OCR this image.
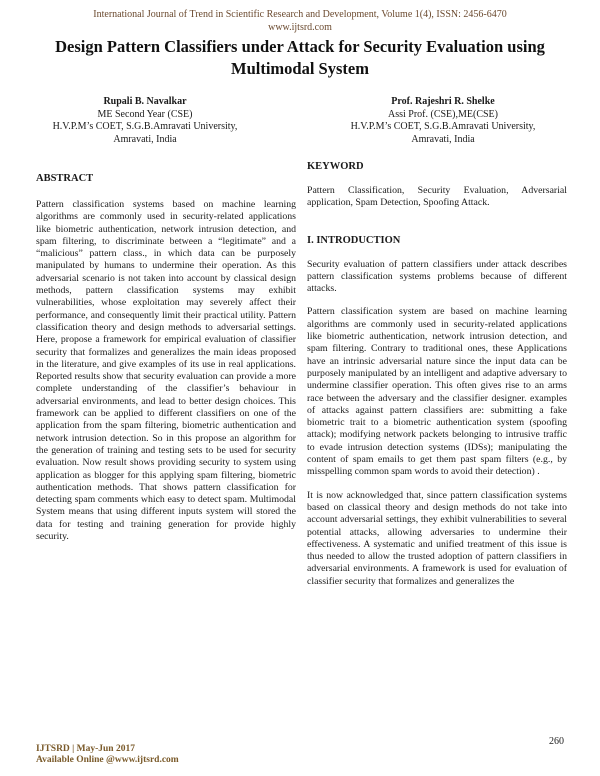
International Journal of Trend in Scientific Research and Development, Volume 1(4), ISSN: 2456-6470
www.ijtsrd.com
Design Pattern Classifiers under Attack for Security Evaluation using Multimodal System
Rupali B. Navalkar
ME Second Year (CSE)
H.V.P.M’s COET, S.G.B.Amravati University,
Amravati, India
Prof. Rajeshri R. Shelke
Assi Prof. (CSE),ME(CSE)
H.V.P.M’s COET, S.G.B.Amravati University,
Amravati, India

ABSTRACT

Pattern classification systems based on machine learning algorithms are commonly used in security-related applications like biometric authentication, network intrusion detection, and spam filtering, to discriminate between a “legitimate” and a “malicious” pattern class., in which data can be purposely manipulated by humans to undermine their operation. As this adversarial scenario is not taken into account by classical design methods, pattern classification systems may exhibit vulnerabilities, whose exploitation may severely affect their performance, and consequently limit their practical utility. Pattern classification theory and design methods to adversarial settings. Here, propose a framework for empirical evaluation of classifier security that formalizes and generalizes the main ideas proposed in the literature, and give examples of its use in real applications. Reported results show that security evaluation can provide a more complete understanding of the classifier’s behaviour in adversarial environments, and lead to better design choices. This framework can be applied to different classifiers on one of the application from the spam filtering, biometric authentication and network intrusion detection. So in this propose an algorithm for the generation of training and testing sets to be used for security evaluation. Now result shows providing security to system using application as blogger for this applying spam filtering, biometric authentication methods. That shows pattern classification for detecting spam comments which easy to detect spam. Multimodal System means that using different inputs system will stored the data for testing and training generation for provide highly security.

KEYWORD

Pattern Classification, Security Evaluation, Adversarial application, Spam Detection, Spoofing Attack.

I. INTRODUCTION

Security evaluation of pattern classifiers under attack describes pattern classification systems problems because of different attacks.

Pattern classification system are based on machine learning algorithms are commonly used in security-related applications like biometric authentication, network intrusion detection, and spam filtering. Contrary to traditional ones, these Applications have an intrinsic adversarial nature since the input data can be purposely manipulated by an intelligent and adaptive adversary to undermine classifier operation. This often gives rise to an arms race between the adversary and the classifier designer. examples of attacks against pattern classifiers are: submitting a fake biometric trait to a biometric authentication system (spoofing attack); modifying network packets belonging to intrusive traffic to evade intrusion detection systems (IDSs); manipulating the content of spam emails to get them past spam filters (e.g., by misspelling common spam words to avoid their detection) .

It is now acknowledged that, since pattern classification systems based on classical theory and design methods do not take into account adversarial settings, they exhibit vulnerabilities to several potential attacks, allowing adversaries to undermine their effectiveness. A systematic and unified treatment of this issue is thus needed to allow the trusted adoption of pattern classifiers in adversarial environments. A framework is used for evaluation of classifier security that formalizes and generalizes the

IJTSRD | May-Jun 2017
Available Online @www.ijtsrd.com
260
